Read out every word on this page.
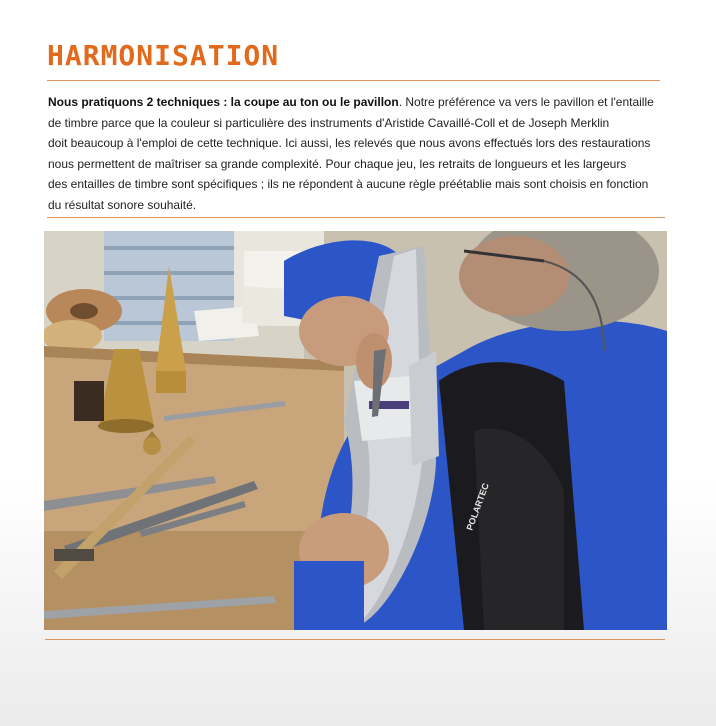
HARMONISATION

Nous pratiquons 2 techniques : la coupe au ton ou le pavillon. Notre préférence va vers le pavillon et l'entaille
de timbre parce que la couleur si particulière des instruments d'Aristide Cavaillé-Coll et de Joseph Merklin
doit beaucoup à l'emploi de cette technique. Ici aussi, les relevés que nous avons effectués lors des restaurations
nous permettent de maîtriser sa grande complexité. Pour chaque jeu, les retraits de longueurs et les largeurs
des entailles de timbre sont spécifiques ; ils ne répondent à aucune règle préétablie mais sont choisis en fonction
du résultat sonore souhaité.

POLARTEC
